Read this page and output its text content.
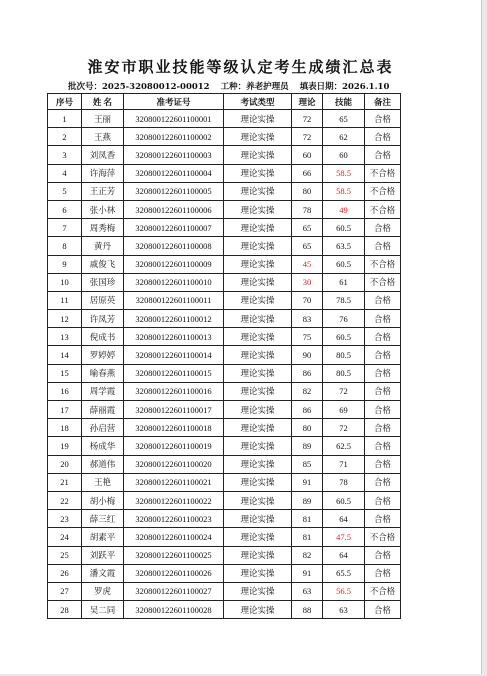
淮安市职业技能等级认定考生成绩汇总表
批次号：2025-32080012-00012 工种：养老护理员 填表日期：2026.1.10
序号	姓 名	准考证号	考试类型	理论	技能	备注
1	王丽	320800122601100001	理论实操	72	65	合格
2	王燕	320800122601100002	理论实操	72	62	合格
3	刘凤香	320800122601100003	理论实操	60	60	合格
4	许海萍	320800122601100004	理论实操	66	58.5	不合格
5	王正芳	320800122601100005	理论实操	80	58.5	不合格
6	张小林	320800122601100006	理论实操	78	49	不合格
7	周秀梅	320800122601100007	理论实操	65	60.5	合格
8	黄丹	320800122601100008	理论实操	65	63.5	合格
9	戚俊飞	320800122601100009	理论实操	45	60.5	不合格
10	张国珍	320800122601100010	理论实操	30	61	不合格
11	居原英	320800122601100011	理论实操	70	78.5	合格
12	许凤芳	320800122601100012	理论实操	83	76	合格
13	倪成书	320800122601100013	理论实操	75	60.5	合格
14	罗婷婷	320800122601100014	理论实操	90	80.5	合格
15	喻春燕	320800122601100015	理论实操	86	80.5	合格
16	周学霞	320800122601100016	理论实操	82	72	合格
17	薛丽霞	320800122601100017	理论实操	86	69	合格
18	孙启营	320800122601100018	理论实操	80	72	合格
19	杨成华	320800122601100019	理论实操	89	62.5	合格
20	郝道伟	320800122601100020	理论实操	85	71	合格
21	王艳	320800122601100021	理论实操	91	78	合格
22	胡小梅	320800122601100022	理论实操	89	60.5	合格
23	薛三红	320800122601100023	理论实操	81	64	合格
24	胡素平	320800122601100024	理论实操	81	47.5	不合格
25	刘跃平	320800122601100025	理论实操	82	64	合格
26	潘文霞	320800122601100026	理论实操	91	65.5	合格
27	罗虎	320800122601100027	理论实操	63	56.5	不合格
28	吴二同	320800122601100028	理论实操	88	63	合格
